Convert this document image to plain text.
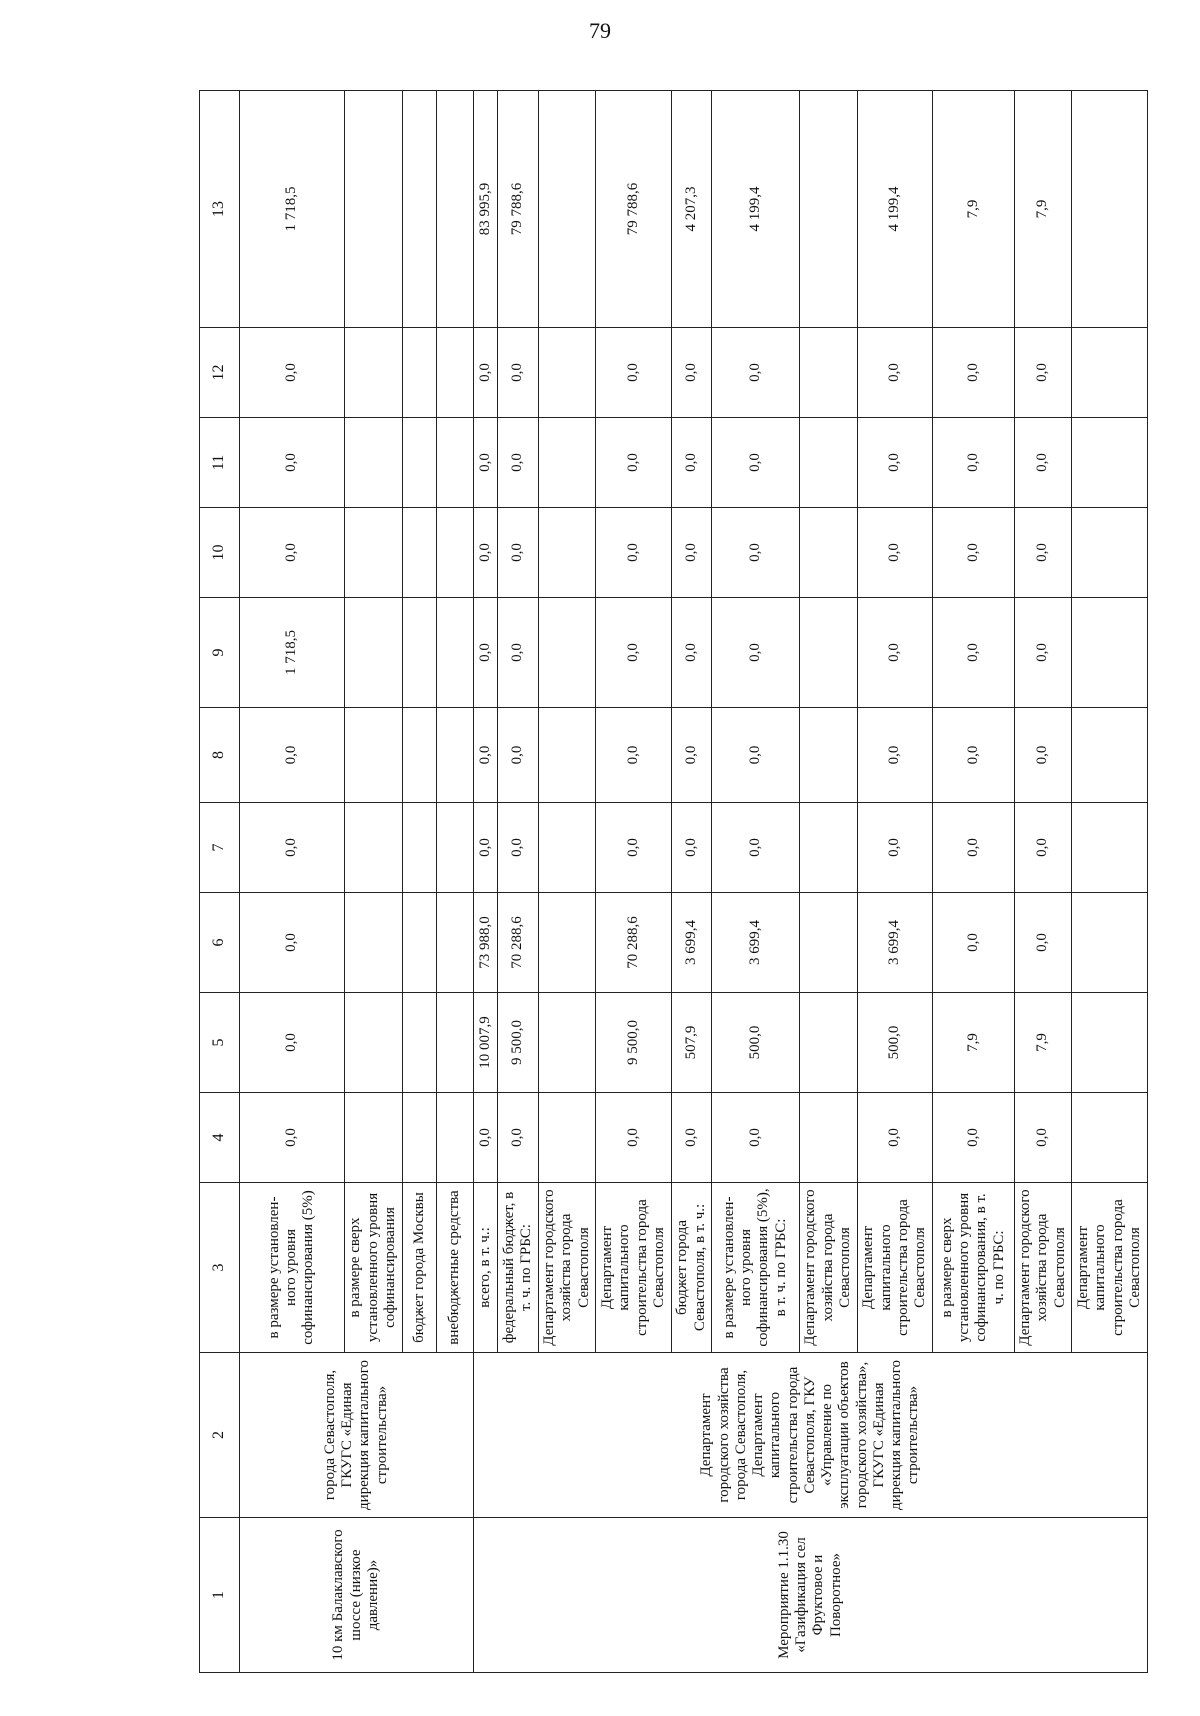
79
1	2	3	4	5	6	7	8	9	10	11	12	13
10 км Балаклавского шоссе (низкое давление)»	города Севастополя, ГКУГС «Единая дирекция капитального строительства»	в размере установлен-ного уровня софинансирования (5%)	0,0	0,0	0,0	0,0	0,0	1 718,5	0,0	0,0	0,0	1 718,5
		в размере сверх установленного уровня софинансирования										
		бюджет города Москвы										
		внебюджетные средства										
Мероприятие 1.1.30 «Газификация сел Фруктовое и Поворотное»	Департамент городского хозяйства города Севастополя, Департамент капитального строительства города Севастополя, ГКУ «Управление по эксплуатации объектов городского хозяйства», ГКУГС «Единая дирекция капитального строительства»	всего, в т. ч.:	0,0	10 007,9	73 988,0	0,0	0,0	0,0	0,0	0,0	0,0	83 995,9
		федеральный бюджет, в т. ч. по ГРБС:	0,0	9 500,0	70 288,6	0,0	0,0	0,0	0,0	0,0	0,0	79 788,6
		Департамент городского хозяйства города Севастополя										
		Департамент капитального строительства города Севастополя	0,0	9 500,0	70 288,6	0,0	0,0	0,0	0,0	0,0	0,0	79 788,6
		бюджет города Севастополя, в т. ч.:	0,0	507,9	3 699,4	0,0	0,0	0,0	0,0	0,0	0,0	4 207,3
		в размере установлен-ного уровня софинансирования (5%), в т. ч. по ГРБС:	0,0	500,0	3 699,4	0,0	0,0	0,0	0,0	0,0	0,0	4 199,4
		Департамент городского хозяйства города Севастополя										
		Департамент капитального строительства города Севастополя	0,0	500,0	3 699,4	0,0	0,0	0,0	0,0	0,0	0,0	4 199,4
		в размере сверх установленного уровня софинансирования, в т. ч. по ГРБС:	0,0	7,9	0,0	0,0	0,0	0,0	0,0	0,0	0,0	7,9
		Департамент городского хозяйства города Севастополя	0,0	7,9	0,0	0,0	0,0	0,0	0,0	0,0	0,0	7,9
		Департамент капитального строительства города Севастополя										
